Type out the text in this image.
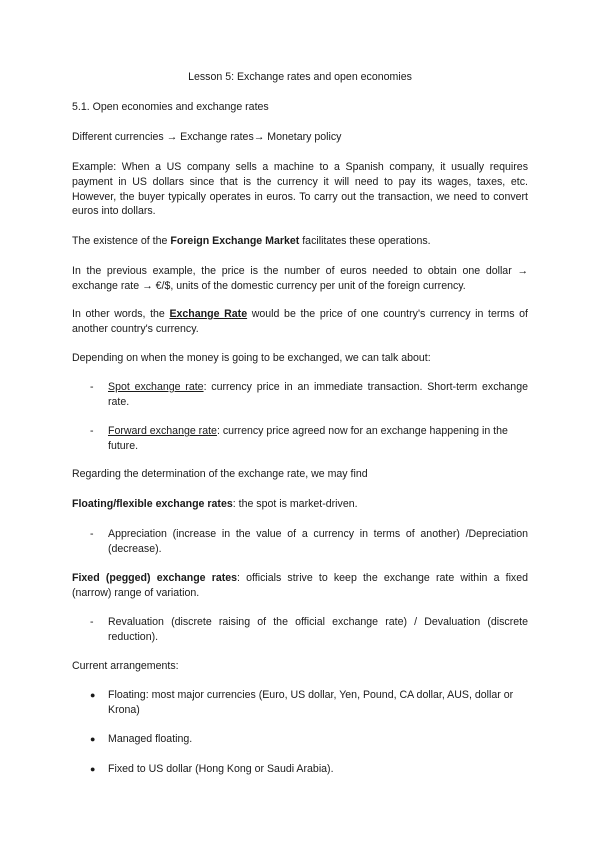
Lesson 5: Exchange rates and open economies

5.1. Open economies and exchange rates

Different currencies → Exchange rates→ Monetary policy

Example: When a US company sells a machine to a Spanish company, it usually requires payment in US dollars since that is the currency it will need to pay its wages, taxes, etc. However, the buyer typically operates in euros. To carry out the transaction, we need to convert euros into dollars.

The existence of the Foreign Exchange Market facilitates these operations.

In the previous example, the price is the number of euros needed to obtain one dollar → exchange rate → €/$, units of the domestic currency per unit of the foreign currency.

In other words, the Exchange Rate would be the price of one country's currency in terms of another country's currency.

Depending on when the money is going to be exchanged, we can talk about:

- Spot exchange rate: currency price in an immediate transaction. Short-term exchange rate.

- Forward exchange rate: currency price agreed now for an exchange happening in the future.

Regarding the determination of the exchange rate, we may find

Floating/flexible exchange rates: the spot is market-driven.

- Appreciation (increase in the value of a currency in terms of another) /Depreciation (decrease).

Fixed (pegged) exchange rates: officials strive to keep the exchange rate within a fixed (narrow) range of variation.

- Revaluation (discrete raising of the official exchange rate) / Devaluation (discrete reduction).

Current arrangements:

● Floating: most major currencies (Euro, US dollar, Yen, Pound, CA dollar, AUS, dollar or Krona)

● Managed floating.

● Fixed to US dollar (Hong Kong or Saudi Arabia).
